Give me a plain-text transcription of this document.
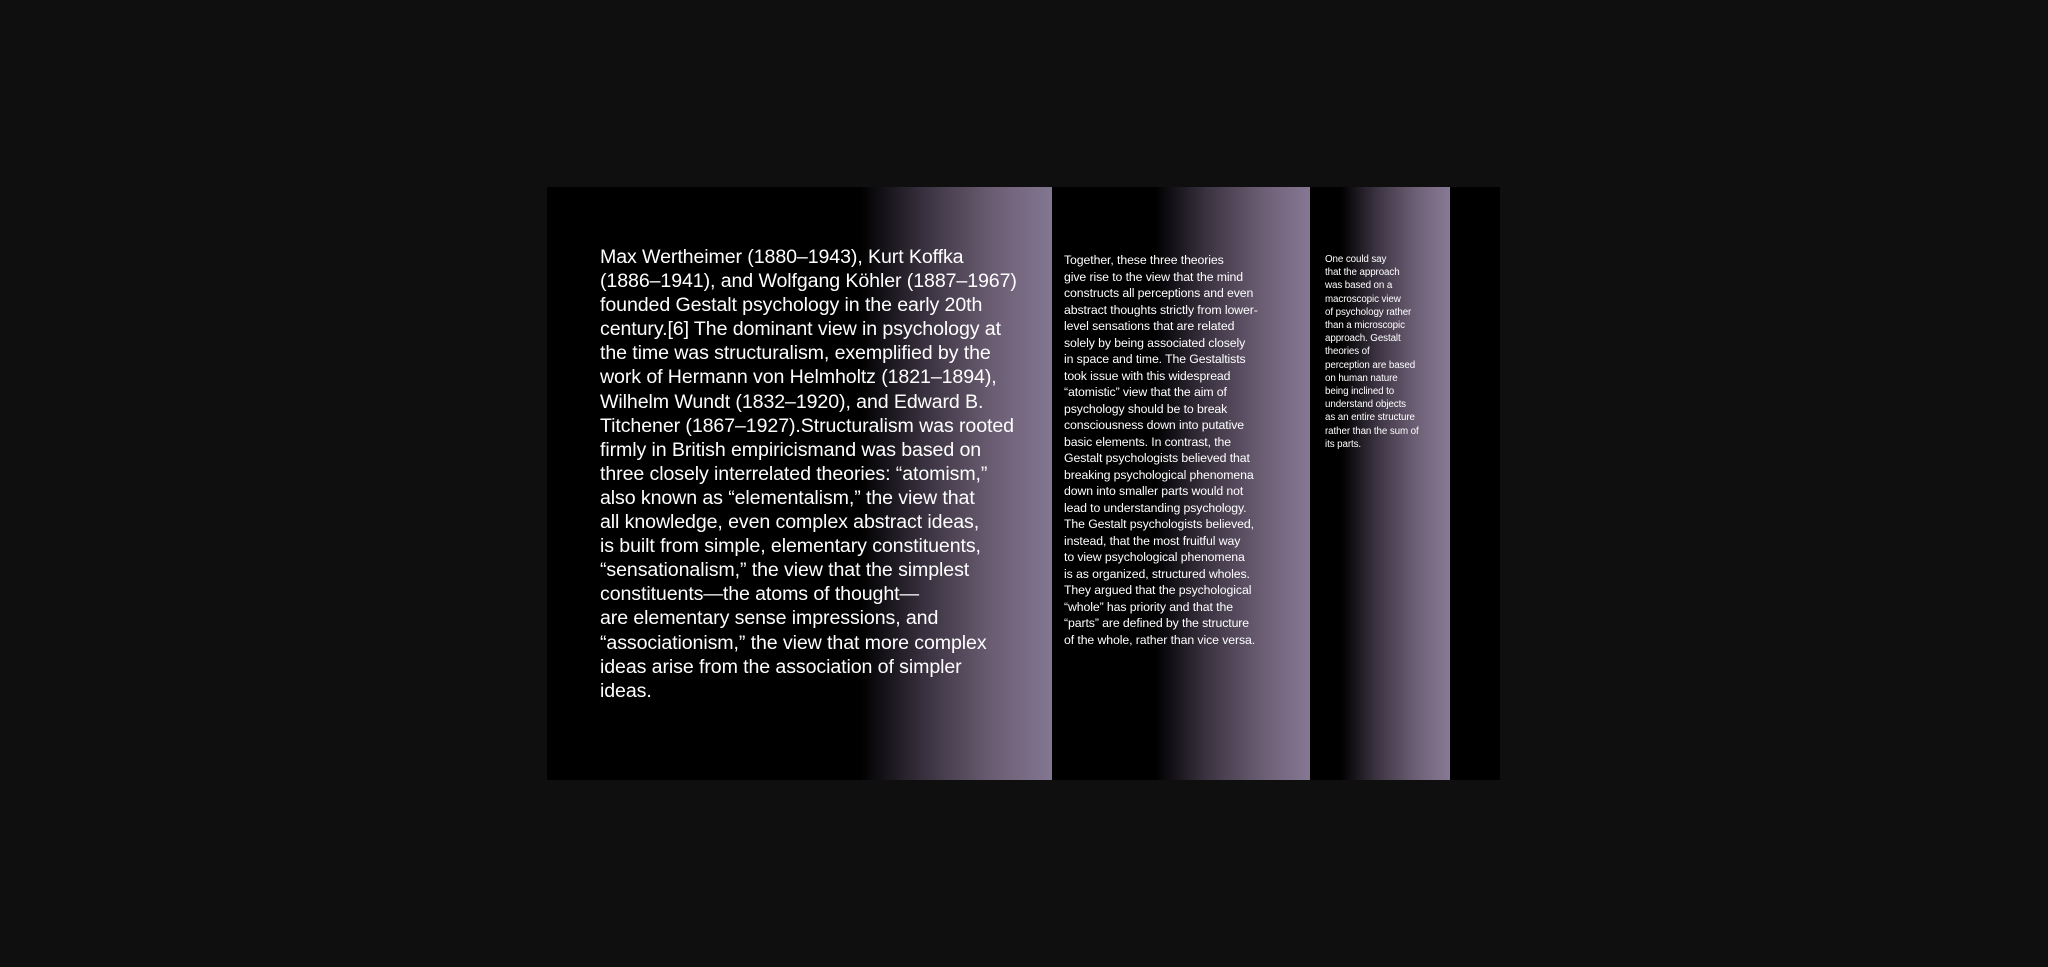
Max Wertheimer (1880–1943), Kurt Koffka
(1886–1941), and Wolfgang Köhler (1887–1967)
founded Gestalt psychology in the early 20th
century.[6] The dominant view in psychology at
the time was structuralism, exemplified by the
work of Hermann von Helmholtz (1821–1894),
Wilhelm Wundt (1832–1920), and Edward B.
Titchener (1867–1927).Structuralism was rooted
firmly in British empiricismand was based on
three closely interrelated theories: “atomism,”
also known as “elementalism,” the view that
all knowledge, even complex abstract ideas,
is built from simple, elementary constituents,
“sensationalism,” the view that the simplest
constituents—the atoms of thought—
are elementary sense impressions, and
“associationism,” the view that more complex
ideas arise from the association of simpler
ideas.

Together, these three theories
give rise to the view that the mind
constructs all perceptions and even
abstract thoughts strictly from lower-
level sensations that are related
solely by being associated closely
in space and time. The Gestaltists
took issue with this widespread
“atomistic” view that the aim of
psychology should be to break
consciousness down into putative
basic elements. In contrast, the
Gestalt psychologists believed that
breaking psychological phenomena
down into smaller parts would not
lead to understanding psychology.
The Gestalt psychologists believed,
instead, that the most fruitful way
to view psychological phenomena
is as organized, structured wholes.
They argued that the psychological
“whole” has priority and that the
“parts” are defined by the structure
of the whole, rather than vice versa.

One could say
that the approach
was based on a
macroscopic view
of psychology rather
than a microscopic
approach. Gestalt
theories of
perception are based
on human nature
being inclined to
understand objects
as an entire structure
rather than the sum of
its parts.
